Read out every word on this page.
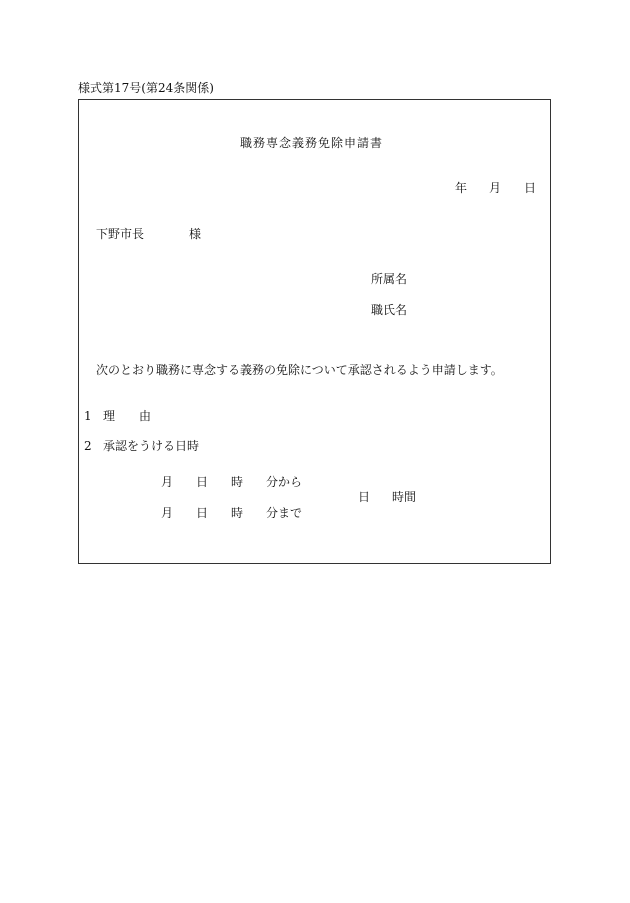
様式第17号(第24条関係)
職務専念義務免除申請書
年 月 日
下野市長	様
所属名
職氏名
次のとおり職務に専念する義務の免除について承認されるよう申請します。
1 理　　由
2 承認をうける日時
月 日 時 分から
月 日 時 分まで
日 時間
